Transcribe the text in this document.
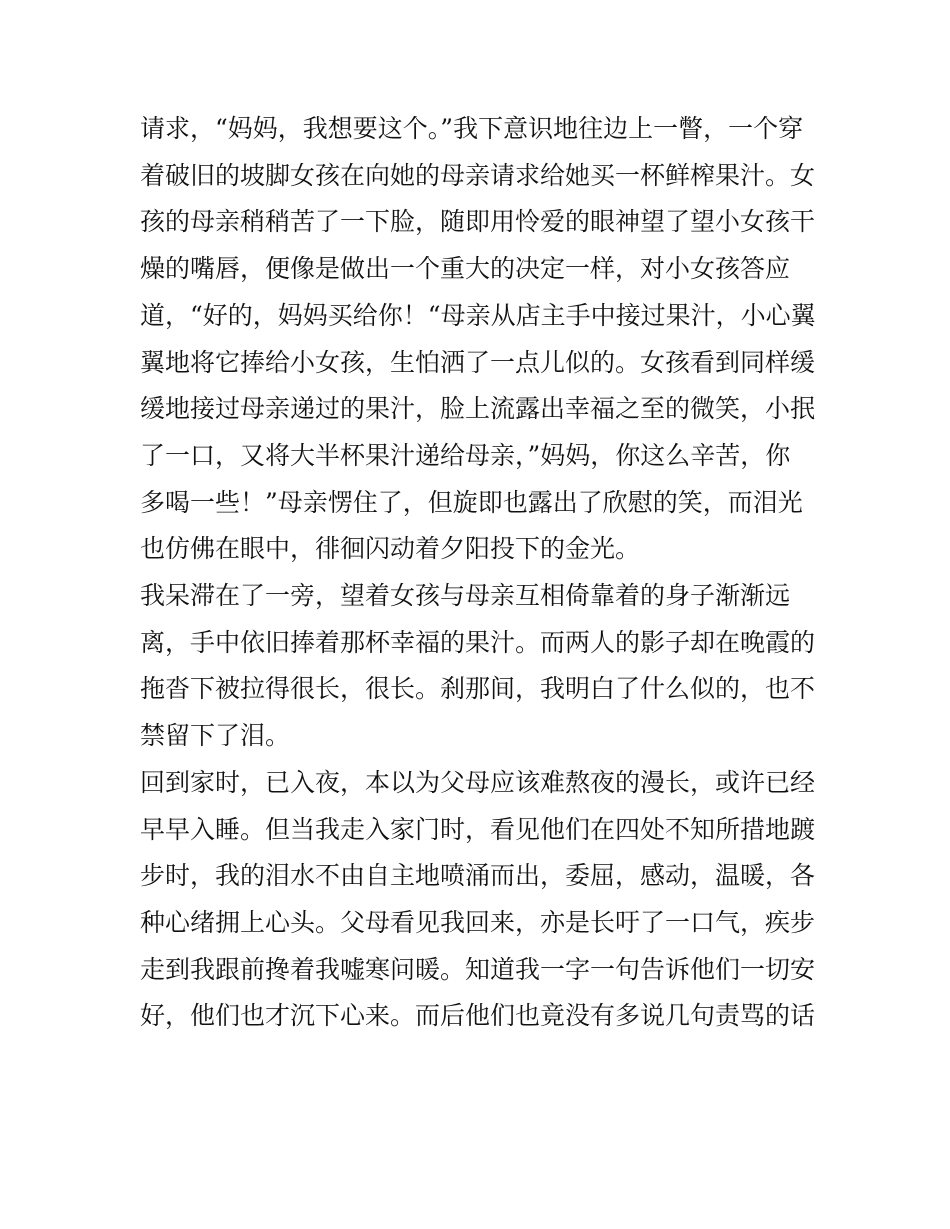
请求，“妈妈，我想要这个。”我下意识地往边上一瞥，一个穿
着破旧的坡脚女孩在向她的母亲请求给她买一杯鲜榨果汁。女
孩的母亲稍稍苦了一下脸，随即用怜爱的眼神望了望小女孩干
燥的嘴唇，便像是做出一个重大的决定一样，对小女孩答应
道，“好的，妈妈买给你！“母亲从店主手中接过果汁，小心翼
翼地将它捧给小女孩，生怕洒了一点儿似的。女孩看到同样缓
缓地接过母亲递过的果汁，脸上流露出幸福之至的微笑，小抿
了一口，又将大半杯果汁递给母亲，”妈妈，你这么辛苦，你
多喝一些！”母亲愣住了，但旋即也露出了欣慰的笑，而泪光
也仿佛在眼中，徘徊闪动着夕阳投下的金光。

我呆滞在了一旁，望着女孩与母亲互相倚靠着的身子渐渐远
离，手中依旧捧着那杯幸福的果汁。而两人的影子却在晚霞的
拖沓下被拉得很长，很长。刹那间，我明白了什么似的，也不
禁留下了泪。

回到家时，已入夜，本以为父母应该难熬夜的漫长，或许已经
早早入睡。但当我走入家门时，看见他们在四处不知所措地踱
步时，我的泪水不由自主地喷涌而出，委屈，感动，温暖，各
种心绪拥上心头。父母看见我回来，亦是长吁了一口气，疾步
走到我跟前搀着我嘘寒问暖。知道我一字一句告诉他们一切安
好，他们也才沉下心来。而后他们也竟没有多说几句责骂的话
